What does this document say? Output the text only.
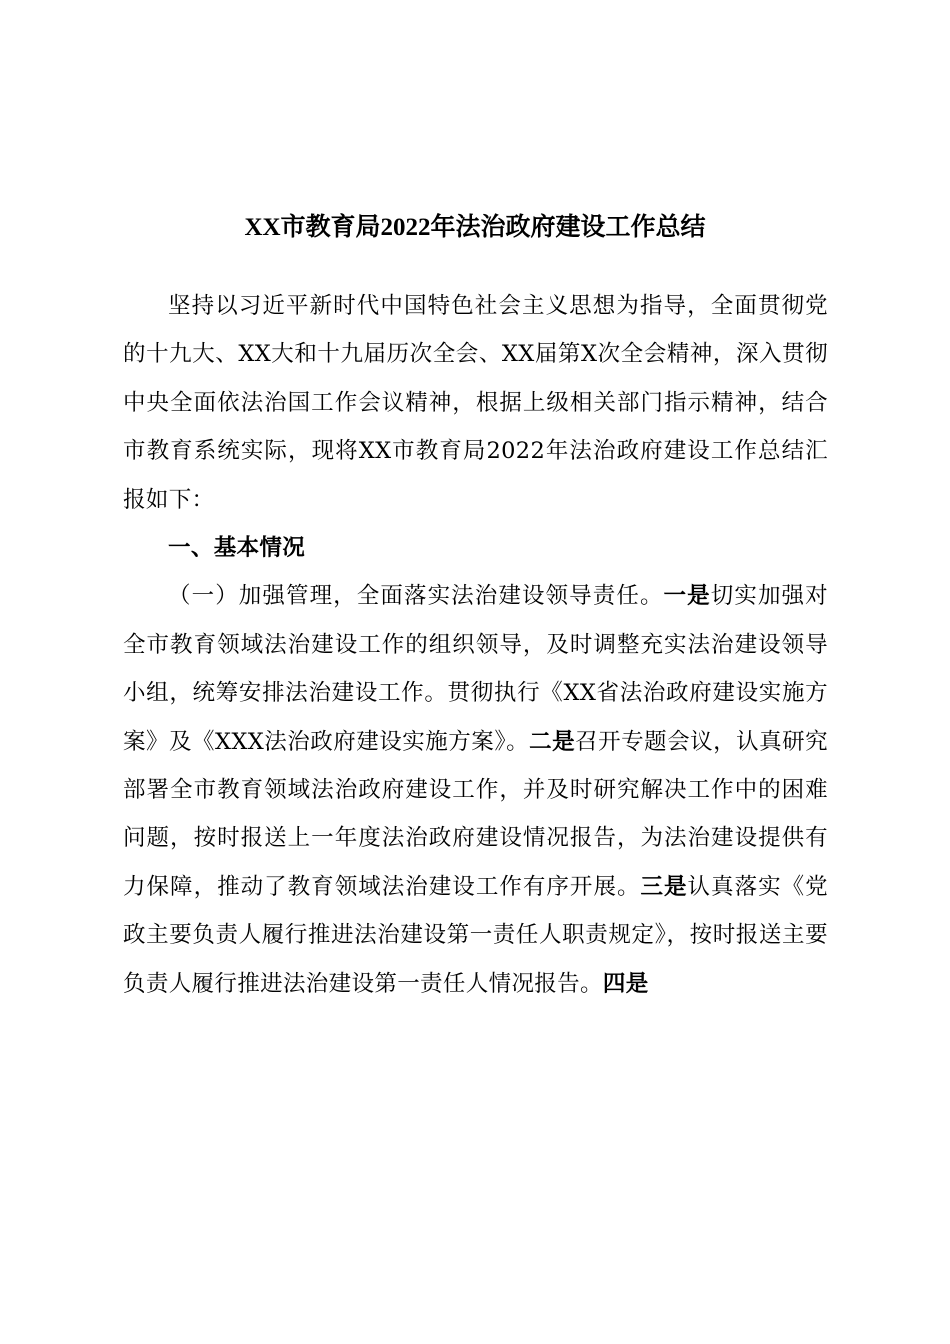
XX市教育局2022年法治政府建设工作总结

坚持以习近平新时代中国特色社会主义思想为指导，全面贯彻党的十九大、XX大和十九届历次全会、XX届第X次全会精神，深入贯彻中央全面依法治国工作会议精神，根据上级相关部门指示精神，结合市教育系统实际，现将XX市教育局2022年法治政府建设工作总结汇报如下：

一、基本情况

（一）加强管理，全面落实法治建设领导责任。一是切实加强对全市教育领域法治建设工作的组织领导，及时调整充实法治建设领导小组，统筹安排法治建设工作。贯彻执行《XX省法治政府建设实施方案》及《XXX法治政府建设实施方案》。二是召开专题会议，认真研究部署全市教育领域法治政府建设工作，并及时研究解决工作中的困难问题，按时报送上一年度法治政府建设情况报告，为法治建设提供有力保障，推动了教育领域法治建设工作有序开展。三是认真落实《党政主要负责人履行推进法治建设第一责任人职责规定》，按时报送主要负责人履行推进法治建设第一责任人情况报告。四是
